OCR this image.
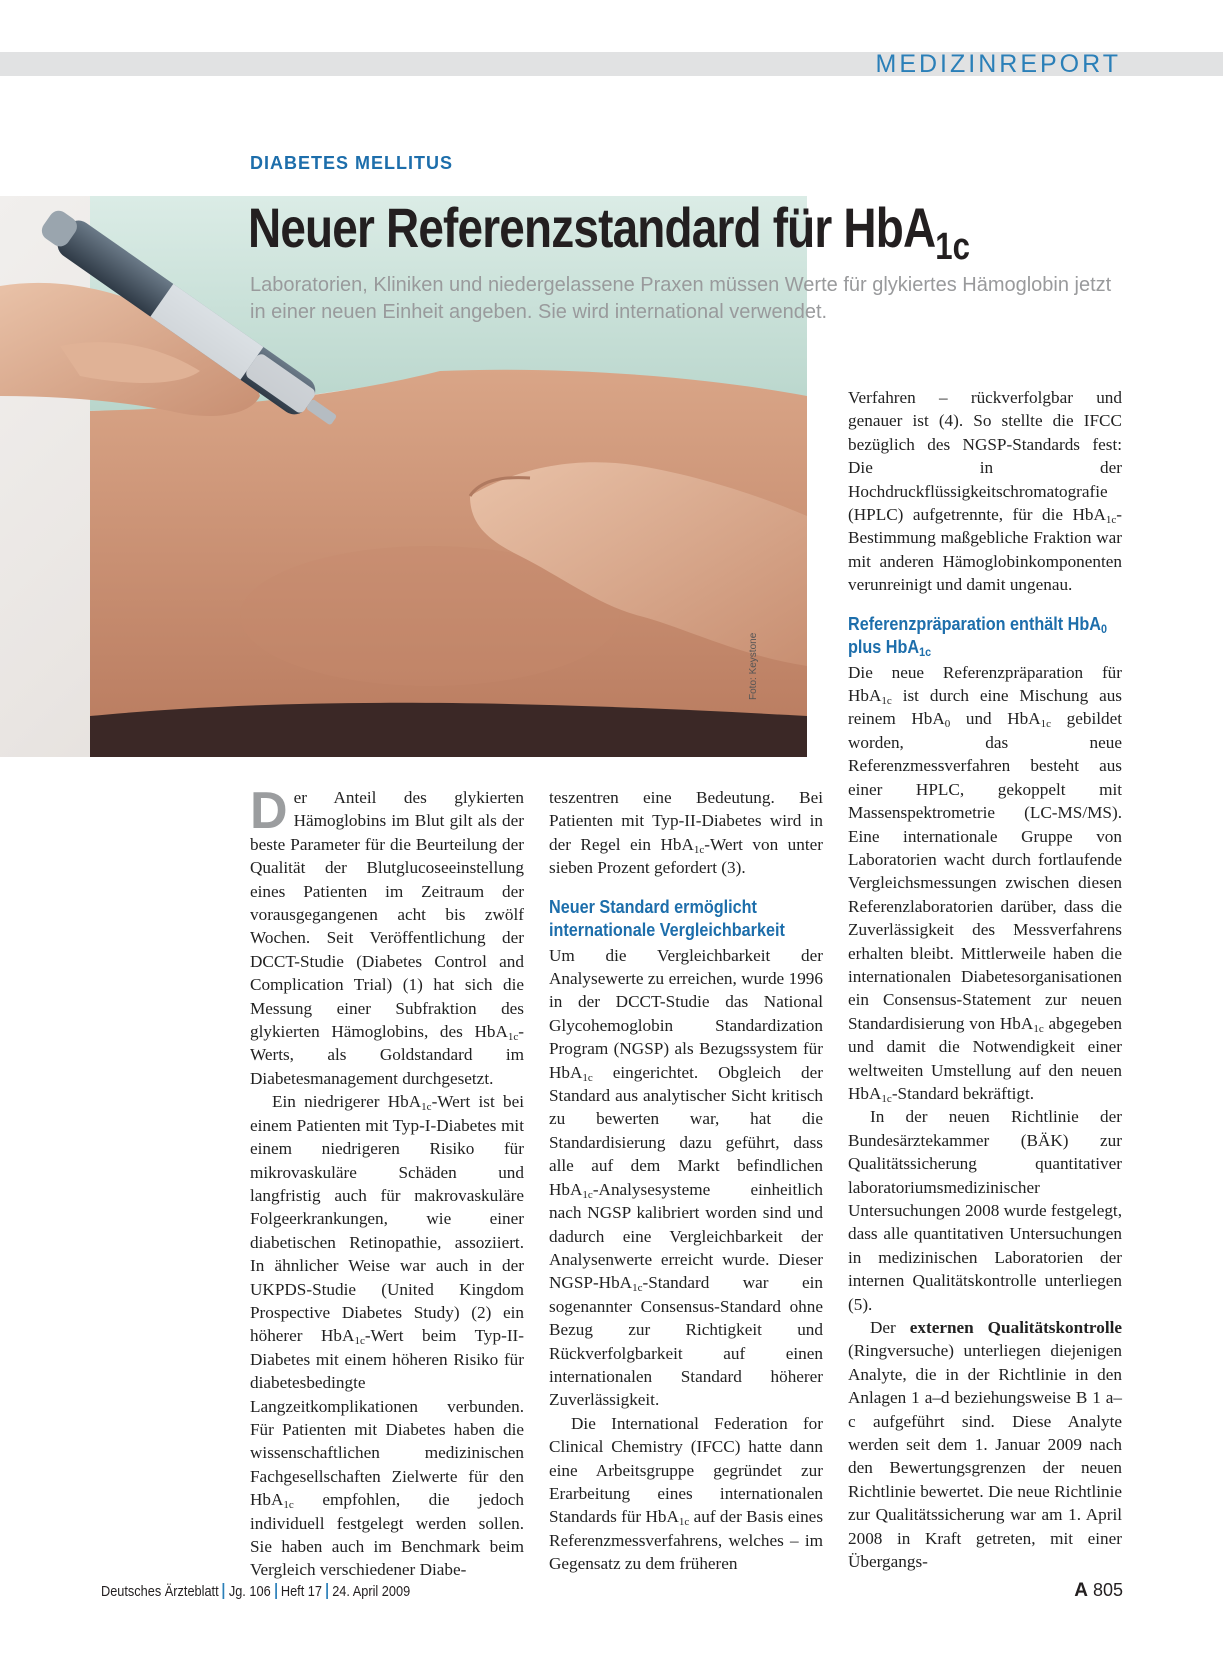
MEDIZINREPORT
Foto: Keystone
DIABETES MELLITUS
Neuer Referenzstandard für HbA$_{1c}$
Laboratorien, Kliniken und niedergelassene Praxen müssen Werte für glykiertes Hämoglobin jetzt in einer neuen Einheit angeben. Sie wird international verwendet.

Der Anteil des glykierten Hämoglobins im Blut gilt als der beste Parameter für die Beurteilung der Qualität der Blutglucoseeinstellung eines Patienten im Zeitraum der vorausgegangenen acht bis zwölf Wochen. Seit Veröffentlichung der DCCT-Studie (Diabetes Control and Complication Trial) (1) hat sich die Messung einer Subfraktion des glykierten Hämoglobins, des HbA$_{1c}$-Werts, als Goldstandard im Diabetesmanagement durchgesetzt.

Ein niedrigerer HbA$_{1c}$-Wert ist bei einem Patienten mit Typ-I-Diabetes mit einem niedrigeren Risiko für mikrovaskuläre Schäden und langfristig auch für makrovaskuläre Folgeerkrankungen, wie einer diabetischen Retinopathie, assoziiert. In ähnlicher Weise war auch in der UKPDS-Studie (United Kingdom Prospective Diabetes Study) (2) ein höherer HbA$_{1c}$-Wert beim Typ-II-Diabetes mit einem höheren Risiko für diabetesbedingte Langzeitkomplikationen verbunden. Für Patienten mit Diabetes haben die wissenschaftlichen medizinischen Fachgesellschaften Zielwerte für den HbA$_{1c}$ empfohlen, die jedoch individuell festgelegt werden sollen. Sie haben auch im Benchmark beim Vergleich verschiedener Diabe-

teszentren eine Bedeutung. Bei Patienten mit Typ-II-Diabetes wird in der Regel ein HbA$_{1c}$-Wert von unter sieben Prozent gefordert (3).

Neuer Standard ermöglicht internationale Vergleichbarkeit

Um die Vergleichbarkeit der Analysewerte zu erreichen, wurde 1996 in der DCCT-Studie das National Glycohemoglobin Standardization Program (NGSP) als Bezugssystem für HbA$_{1c}$ eingerichtet. Obgleich der Standard aus analytischer Sicht kritisch zu bewerten war, hat die Standardisierung dazu geführt, dass alle auf dem Markt befindlichen HbA$_{1c}$-Analysesysteme einheitlich nach NGSP kalibriert worden sind und dadurch eine Vergleichbarkeit der Analysenwerte erreicht wurde. Dieser NGSP-HbA$_{1c}$-Standard war ein sogenannter Consensus-Standard ohne Bezug zur Richtigkeit und Rückverfolgbarkeit auf einen internationalen Standard höherer Zuverlässigkeit.

Die International Federation for Clinical Chemistry (IFCC) hatte dann eine Arbeitsgruppe gegründet zur Erarbeitung eines internationalen Standards für HbA$_{1c}$ auf der Basis eines Referenzmessverfahrens, welches – im Gegensatz zu dem früheren

Verfahren – rückverfolgbar und genauer ist (4). So stellte die IFCC bezüglich des NGSP-Standards fest: Die in der Hochdruckflüssigkeitschromatografie (HPLC) aufgetrennte, für die HbA$_{1c}$-Bestimmung maßgebliche Fraktion war mit anderen Hämoglobinkomponenten verunreinigt und damit ungenau.

Referenzpräparation enthält HbA$_0$ plus HbA$_{1c}$

Die neue Referenzpräparation für HbA$_{1c}$ ist durch eine Mischung aus reinem HbA$_0$ und HbA$_{1c}$ gebildet worden, das neue Referenzmessverfahren besteht aus einer HPLC, gekoppelt mit Massenspektrometrie (LC-MS/MS). Eine internationale Gruppe von Laboratorien wacht durch fortlaufende Vergleichsmessungen zwischen diesen Referenzlaboratorien darüber, dass die Zuverlässigkeit des Messverfahrens erhalten bleibt. Mittlerweile haben die internationalen Diabetesorganisationen ein Consensus-Statement zur neuen Standardisierung von HbA$_{1c}$ abgegeben und damit die Notwendigkeit einer weltweiten Umstellung auf den neuen HbA$_{1c}$-Standard bekräftigt.

In der neuen Richtlinie der Bundesärztekammer (BÄK) zur Qualitätssicherung quantitativer laboratoriumsmedizinischer Untersuchungen 2008 wurde festgelegt, dass alle quantitativen Untersuchungen in medizinischen Laboratorien der internen Qualitätskontrolle unterliegen (5).

Der externen Qualitätskontrolle (Ringversuche) unterliegen diejenigen Analyte, die in der Richtlinie in den Anlagen 1 a–d beziehungsweise B 1 a–c aufgeführt sind. Diese Analyte werden seit dem 1. Januar 2009 nach den Bewertungsgrenzen der neuen Richtlinie bewertet. Die neue Richtlinie zur Qualitätssicherung war am 1. April 2008 in Kraft getreten, mit einer Übergangs-

Deutsches Ärzteblatt Jg. 106 Heft 17 24. April 2009	A 805
